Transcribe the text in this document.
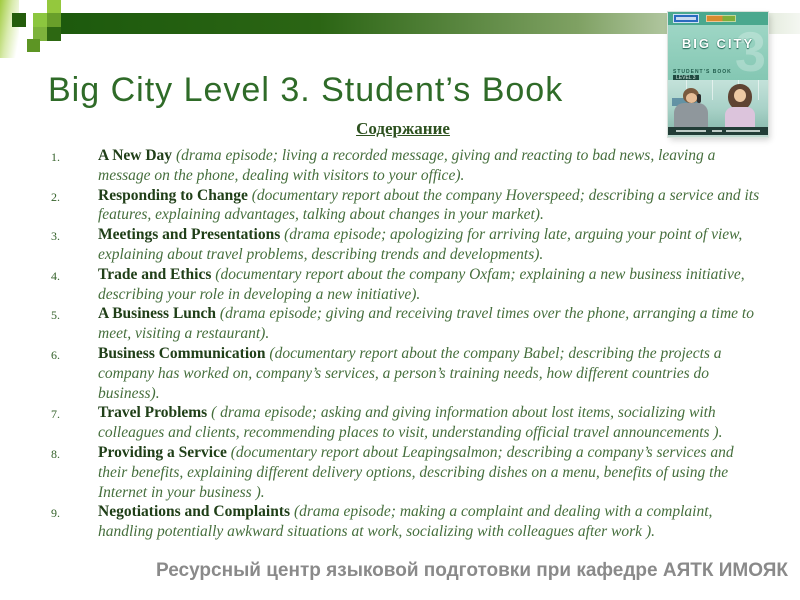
Big City Level 3. Student’s Book
3
BIG CITY
STUDENT’S BOOK
LEVEL 3
Содержание
1. A New Day (drama episode; living a recorded message, giving and reacting to bad news, leaving a message on the phone, dealing with visitors to your office).
2. Responding to Change (documentary report about the company Hoverspeed; describing a service and its features, explaining advantages, talking about changes in your market).
3. Meetings and Presentations (drama episode; apologizing for arriving late, arguing your point of view, explaining about travel problems, describing trends and developments).
4. Trade and Ethics (documentary report about the company Oxfam; explaining a new business initiative, describing your role in developing a new initiative).
5. A Business Lunch (drama episode; giving and receiving travel times over the phone, arranging a time to meet, visiting a restaurant).
6. Business Communication (documentary report about the company Babel; describing the projects a company has worked on, company’s services, a person’s training needs, how different countries do business).
7. Travel Problems ( drama episode; asking and giving information about lost items, socializing with colleagues and clients, recommending places to visit, understanding official travel announcements ).
8. Providing a Service (documentary report about Leapingsalmon; describing a company’s services and their benefits, explaining different delivery options, describing dishes on a menu, benefits of using the Internet in your business ).
9. Negotiations and Complaints (drama episode; making a complaint and dealing with a complaint, handling potentially awkward situations at work, socializing with colleagues after work ).
Ресурсный центр языковой подготовки при кафедре АЯТК ИМОЯК
